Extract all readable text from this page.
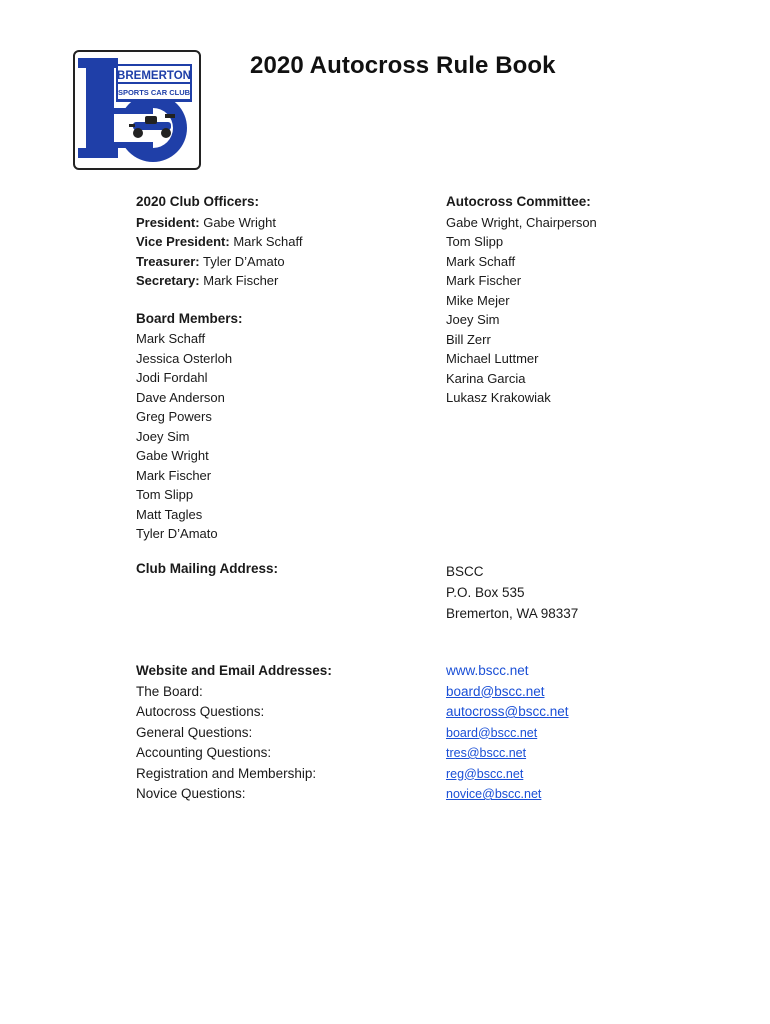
BREMERTON
SPORTS CAR CLUB
2020 Autocross Rule Book
2020 Club Officers:
President: Gabe Wright
Vice President: Mark Schaff
Treasurer: Tyler D’Amato
Secretary: Mark Fischer
Board Members:
Mark Schaff
Jessica Osterloh
Jodi Fordahl
Dave Anderson
Greg Powers
Joey Sim
Gabe Wright
Mark Fischer
Tom Slipp
Matt Tagles
Tyler D’Amato
Autocross Committee:
Gabe Wright, Chairperson
Tom Slipp
Mark Schaff
Mark Fischer
Mike Mejer
Joey Sim
Bill Zerr
Michael Luttmer
Karina Garcia
Lukasz Krakowiak
Club Mailing Address:	BSCC
P.O. Box 535
Bremerton, WA 98337
Website and Email Addresses:
The Board:
Autocross Questions:
General Questions:
Accounting Questions:
Registration and Membership:
Novice Questions:
www.bscc.net
board@bscc.net
autocross@bscc.net
board@bscc.net
tres@bscc.net
reg@bscc.net
novice@bscc.net
